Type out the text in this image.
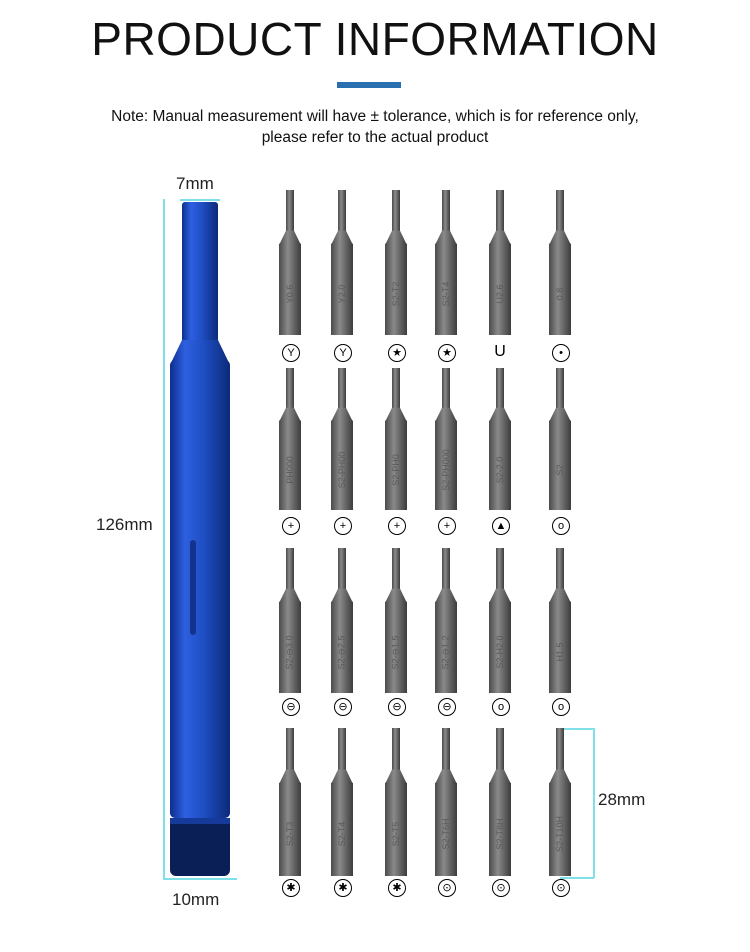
PRODUCT INFORMATION
Note: Manual measurement will have ± tolerance, which is for reference only,
please refer to the actual product
7mm
126mm
10mm
28mm
Y0.6
Y
Y2.0
Y
S2-T2
★
S2-T4
★
U2.6
U
0.8
•
PH000
+
S2-PH00
+
S2-PH0
+
S2-PH000
+
S2-2.0
▲
S2
o
S2-⊖3.0
⊖
S2-⊖2.5
⊖
S2-⊖1.5
⊖
S2-⊖1.2
⊖
S2-H2.0
o
H1.5
o
S2-T3
✱
S2-T4
✱
S2-T5
✱
S2-T6H
⊙
S2-T8H
⊙
S2-T10H
⊙
